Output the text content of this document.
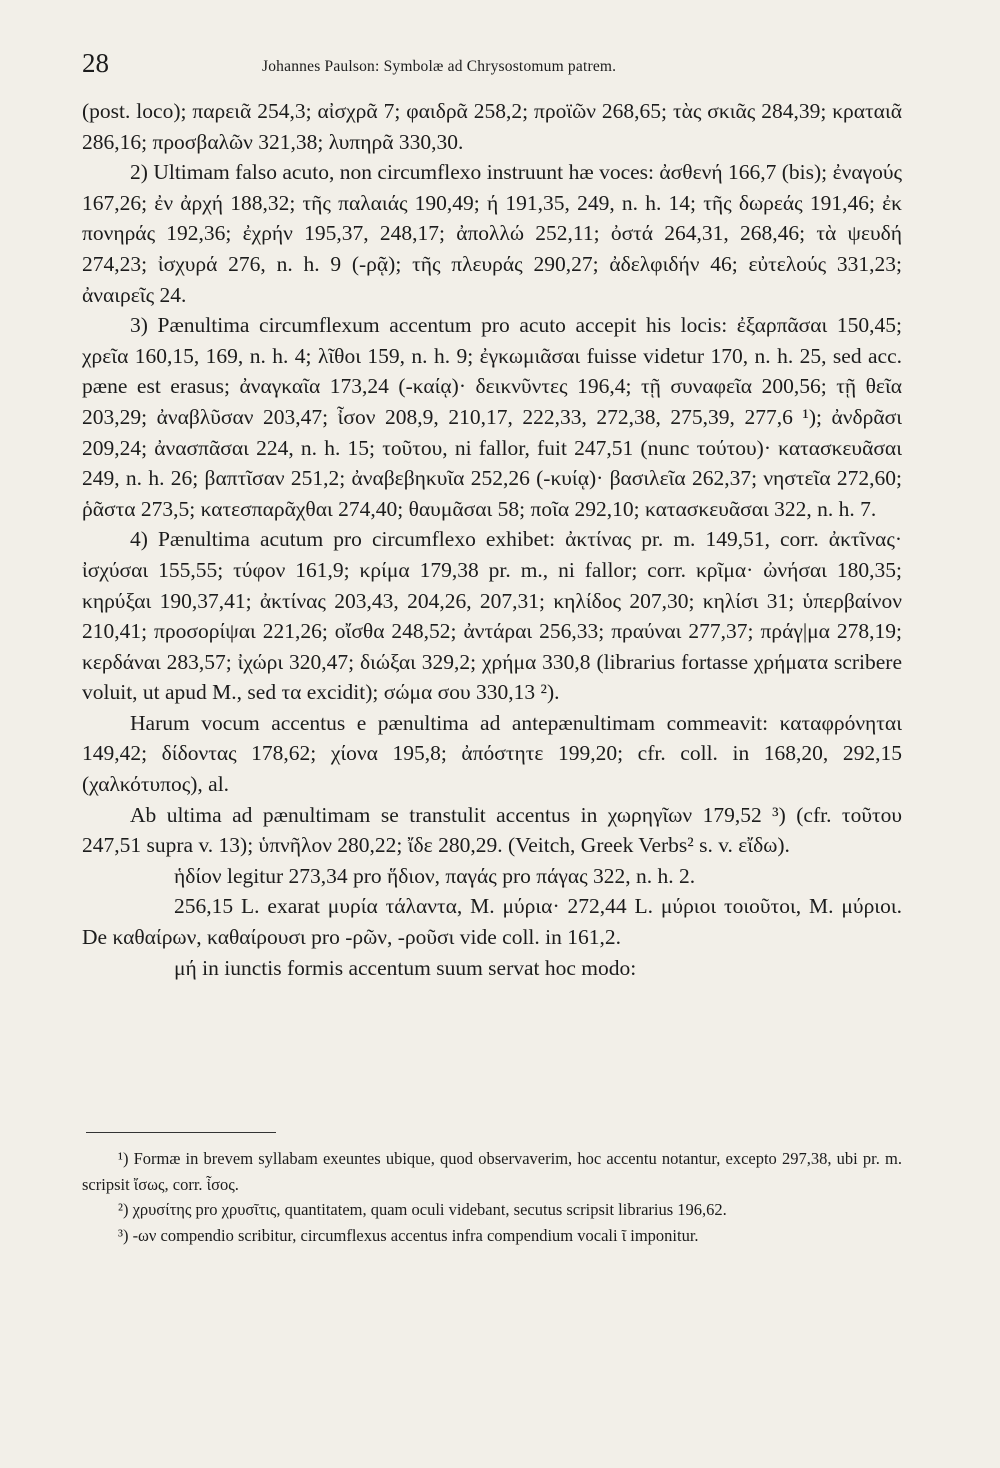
28	Johannes Paulson: Symbolæ ad Chrysostomum patrem.

(post. loco); παρειᾶ 254,3; αἰσχρᾶ 7; φαιδρᾶ 258,2; προϊῶν 268,65; τὰς σκιᾶς 284,39; κραταιᾶ 286,16; προσβαλῶν 321,38; λυπηρᾶ 330,30.

2) Ultimam falso acuto, non circumflexo instruunt hæ voces: ἀσθενή 166,7 (bis); ἐναγούς 167,26; ἐν ἀρχή 188,32; τῆς παλαιάς 190,49; ή 191,35, 249, n. h. 14; τῆς δωρεάς 191,46; ἐκ πονηράς 192,36; ἐχρήν 195,37, 248,17; ἀπολλώ 252,11; ὀστά 264,31, 268,46; τὰ ψευδή 274,23; ἰσχυρά 276, n. h. 9 (-ρᾷ); τῆς πλευράς 290,27; ἀδελφιδήν 46; εὐτελούς 331,23; ἀναιρεῖς 24.

3) Pænultima circumflexum accentum pro acuto accepit his locis: ἐξαρπᾶσαι 150,45; χρεῖα 160,15, 169, n. h. 4; λῖθοι 159, n. h. 9; ἐγκωμιᾶσαι fuisse videtur 170, n. h. 25, sed acc. pæne est erasus; ἀναγκαῖα 173,24 (-καίᾳ)· δεικνῦντες 196,4; τῇ συναφεῖα 200,56; τῇ θεῖα 203,29; ἀναβλῦσαν 203,47; ἶσον 208,9, 210,17, 222,33, 272,38, 275,39, 277,6 ¹); ἀνδρᾶσι 209,24; ἀνασπᾶσαι 224, n. h. 15; τοῦτου, ni fallor, fuit 247,51 (nunc τούτου)· κατασκευᾶσαι 249, n. h. 26; βαπτῖσαν 251,2; ἀναβεβηκυῖα 252,26 (-κυίᾳ)· βασιλεῖα 262,37; νηστεῖα 272,60; ῥᾶστα 273,5; κατεσπαρᾶχθαι 274,40; θαυμᾶσαι 58; ποῖα 292,10; κατασκευᾶσαι 322, n. h. 7.

4) Pænultima acutum pro circumflexo exhibet: ἀκτίνας pr. m. 149,51, corr. ἀκτῖνας· ἰσχύσαι 155,55; τύφον 161,9; κρίμα 179,38 pr. m., ni fallor; corr. κρῖμα· ὠνήσαι 180,35; κηρύξαι 190,37,41; ἀκτίνας 203,43, 204,26, 207,31; κηλίδος 207,30; κηλίσι 31; ὑπερβαίνον 210,41; προσορίψαι 221,26; οἴσθα 248,52; ἀντάραι 256,33; πραύναι 277,37; πράγ|μα 278,19; κερδάναι 283,57; ἰχώρι 320,47; διώξαι 329,2; χρήμα 330,8 (librarius fortasse χρήματα scribere voluit, ut apud M., sed τα excidit); σώμα σου 330,13 ²).

Harum vocum accentus e pænultima ad antepænultimam commeavit: καταφρόνηται 149,42; δίδοντας 178,62; χίονα 195,8; ἀπόστητε 199,20; cfr. coll. in 168,20, 292,15 (χαλκότυπος), al.

Ab ultima ad pænultimam se transtulit accentus in χωρηγῖων 179,52 ³) (cfr. τοῦτου 247,51 supra v. 13); ὑπνῆλον 280,22; ἴδε 280,29. (Veitch, Greek Verbs² s. v. εἴδω).

ἡδίον legitur 273,34 pro ἥδιον, παγάς pro πάγας 322, n. h. 2.

256,15 L. exarat μυρία τάλαντα, M. μύρια· 272,44 L. μύριοι τοιοῦτοι, M. μύριοι. De καθαίρων, καθαίρουσι pro -ρῶν, -ροῦσι vide coll. in 161,2.

μή in iunctis formis accentum suum servat hoc modo:

¹) Formæ in brevem syllabam exeuntes ubique, quod observaverim, hoc accentu notantur, excepto 297,38, ubi pr. m. scripsit ἴσως, corr. ἶσος.

²) χρυσίτης pro χρυσῖτις, quantitatem, quam oculi videbant, secutus scripsit librarius 196,62.

³) -ων compendio scribitur, circumflexus accentus infra compendium vocali ῖ imponitur.
